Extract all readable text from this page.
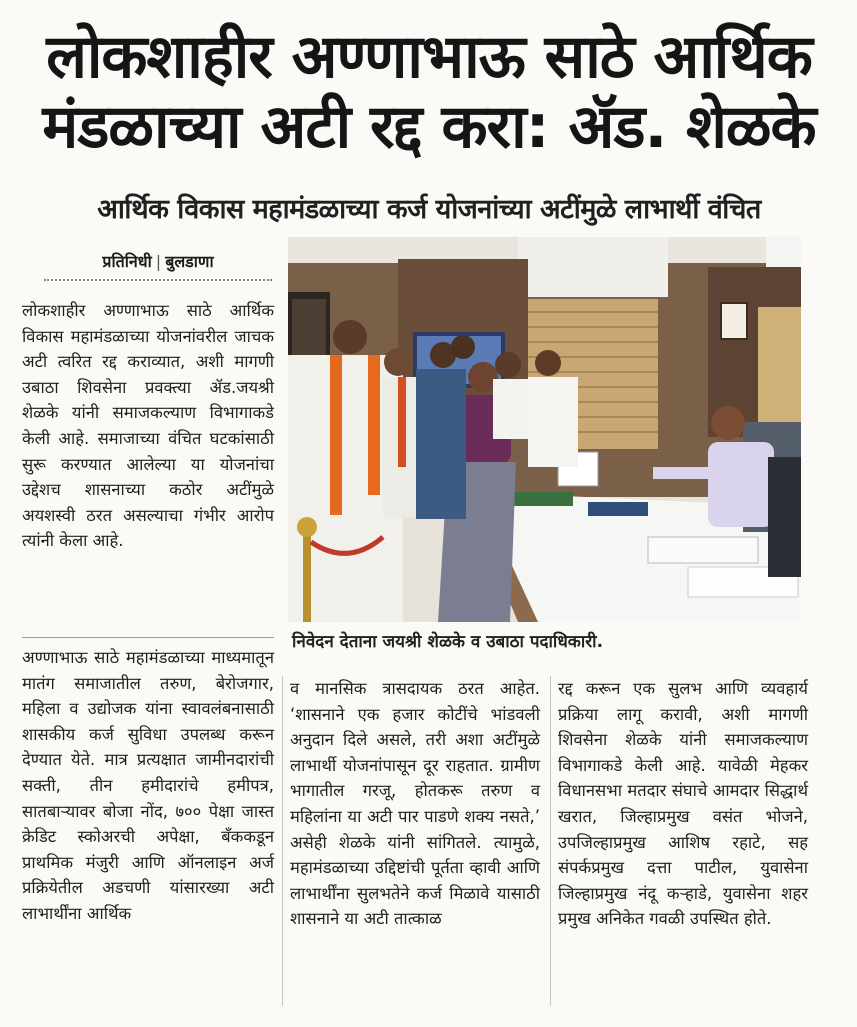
लोकशाहीर अण्णाभाऊ साठे आर्थिक
मंडळाच्या अटी रद्द करा: ॲड. शेळके
आर्थिक विकास महामंडळाच्या कर्ज योजनांच्या अटींमुळे लाभार्थी वंचित
प्रतिनिधी | बुलडाणा

लोकशाहीर अण्णाभाऊ साठे आर्थिक विकास महामंडळाच्या योजनांवरील जाचक अटी त्वरित रद्द कराव्यात, अशी मागणी उबाठा शिवसेना प्रवक्त्या ॲड.जयश्री शेळके यांनी समाजकल्याण विभागाकडे केली आहे. समाजाच्या वंचित घटकांसाठी सुरू करण्यात आलेल्या या योजनांचा उद्देशच शासनाच्या कठोर अटींमुळे अयशस्वी ठरत असल्याचा गंभीर आरोप त्यांनी केला आहे.

अण्णाभाऊ साठे महामंडळाच्या माध्यमातून मातंग समाजातील तरुण, बेरोजगार, महिला व उद्योजक यांना स्वावलंबनासाठी शासकीय कर्ज सुविधा उपलब्ध करून देण्यात येते. मात्र प्रत्यक्षात जामीनदारांची सक्ती, तीन हमीदारांचे हमीपत्र, सातबाऱ्यावर बोजा नोंद, ७०० पेक्षा जास्त क्रेडिट स्कोअरची अपेक्षा, बँककडून प्राथमिक मंजुरी आणि ऑनलाइन अर्ज प्रक्रियेतील अडचणी यांसारख्या अटी लाभार्थींना आर्थिक

व मानसिक त्रासदायक ठरत आहेत. ‘शासनाने एक हजार कोटींचे भांडवली अनुदान दिले असले, तरी अशा अटींमुळे लाभार्थी योजनांपासून दूर राहतात. ग्रामीण भागातील गरजू, होतकरू तरुण व महिलांना या अटी पार पाडणे शक्य नसते,’ असेही शेळके यांनी सांगितले. त्यामुळे, महामंडळाच्या उद्दिष्टांची पूर्तता व्हावी आणि लाभार्थींना सुलभतेने कर्ज मिळावे यासाठी शासनाने या अटी तात्काळ

रद्द करून एक सुलभ आणि व्यवहार्य प्रक्रिया लागू करावी, अशी मागणी शिवसेना शेळके यांनी समाजकल्याण विभागाकडे केली आहे. यावेळी मेहकर विधानसभा मतदार संघाचे आमदार सिद्धार्थ खरात, जिल्हाप्रमुख वसंत भोजने, उपजिल्हाप्रमुख आशिष रहाटे, सह संपर्कप्रमुख दत्ता पाटील, युवासेना जिल्हाप्रमुख नंदू कऱ्हाडे, युवासेना शहर प्रमुख अनिकेत गवळी उपस्थित होते.

निवेदन देताना जयश्री शेळके व उबाठा पदाधिकारी.
